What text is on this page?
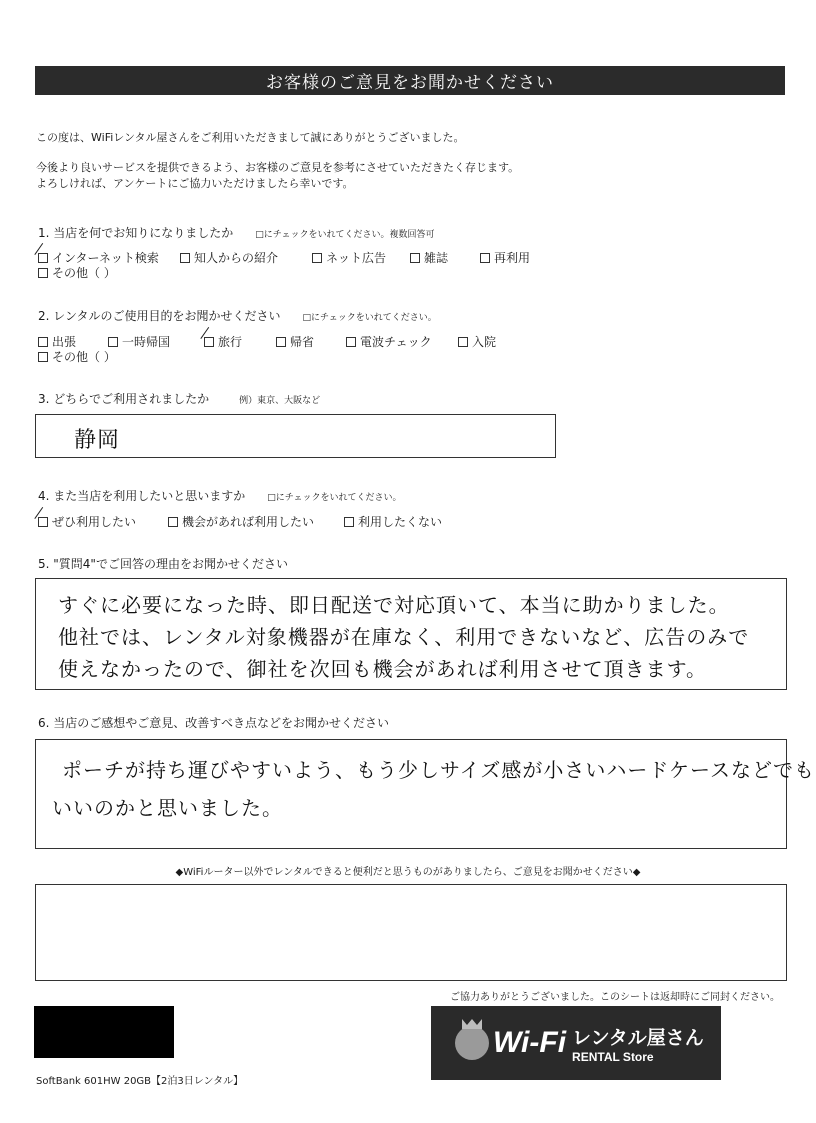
お客様のご意見をお聞かせください
この度は、WiFiレンタル屋さんをご利用いただきまして誠にありがとうございました。
今後より良いサービスを提供できるよう、お客様のご意見を参考にさせていただきたく存じます。
よろしければ、アンケートにご協力いただけましたら幸いです。
1. 当店を何でお知りになりましたか □にチェックをいれてください。複数回答可
インターネット検索	知人からの紹介	ネット広告	雑誌	再利用
その他（ ）
2. レンタルのご使用目的をお聞かせください □にチェックをいれてください。
出張	一時帰国	旅行	帰省	電波チェック	入院
その他（ ）
3. どちらでご利用されましたか	例）東京、大阪など
静岡
4. また当店を利用したいと思いますか □にチェックをいれてください。
ぜひ利用したい	機会があれば利用したい	利用したくない
5. "質問4"でご回答の理由をお聞かせください
すぐに必要になった時、即日配送で対応頂いて、本当に助かりました。
他社では、レンタル対象機器が在庫なく、利用できないなど、広告のみで
使えなかったので、御社を次回も機会があれば利用させて頂きます。
6. 当店のご感想やご意見、改善すべき点などをお聞かせください
ポーチが持ち運びやすいよう、もう少しサイズ感が小さいハードケースなどでも
いいのかと思いました。
◆WiFiルーター以外でレンタルできると便利だと思うものがありましたら、ご意見をお聞かせください◆
ご協力ありがとうございました。このシートは返却時にご同封ください。
Wi-Fi レンタル屋さん
RENTAL Store
SoftBank 601HW 20GB【2泊3日レンタル】
